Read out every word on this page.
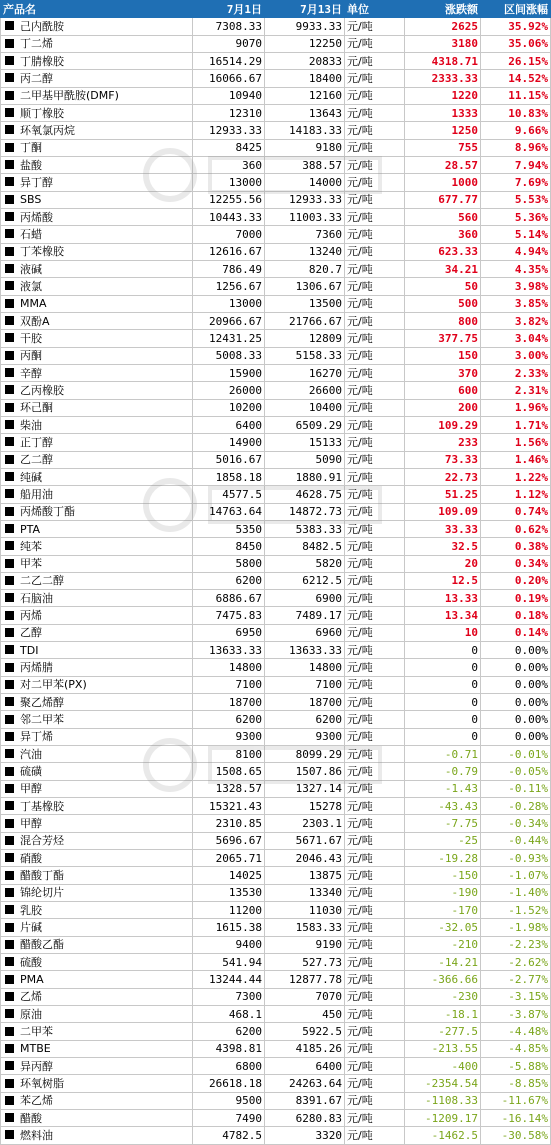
产品名	7月1日	7月13日	单位	涨跌额	区间涨幅
己内酰胺	7308.33	9933.33	元/吨	2625	35.92%
丁二烯	9070	12250	元/吨	3180	35.06%
丁腈橡胶	16514.29	20833	元/吨	4318.71	26.15%
丙二醇	16066.67	18400	元/吨	2333.33	14.52%
二甲基甲酰胺(DMF)	10940	12160	元/吨	1220	11.15%
顺丁橡胶	12310	13643	元/吨	1333	10.83%
环氧氯丙烷	12933.33	14183.33	元/吨	1250	9.66%
丁酮	8425	9180	元/吨	755	8.96%
盐酸	360	388.57	元/吨	28.57	7.94%
异丁醇	13000	14000	元/吨	1000	7.69%
SBS	12255.56	12933.33	元/吨	677.77	5.53%
丙烯酸	10443.33	11003.33	元/吨	560	5.36%
石蜡	7000	7360	元/吨	360	5.14%
丁苯橡胶	12616.67	13240	元/吨	623.33	4.94%
液碱	786.49	820.7	元/吨	34.21	4.35%
液氯	1256.67	1306.67	元/吨	50	3.98%
MMA	13000	13500	元/吨	500	3.85%
双酚A	20966.67	21766.67	元/吨	800	3.82%
干胶	12431.25	12809	元/吨	377.75	3.04%
丙酮	5008.33	5158.33	元/吨	150	3.00%
辛醇	15900	16270	元/吨	370	2.33%
乙丙橡胶	26000	26600	元/吨	600	2.31%
环己酮	10200	10400	元/吨	200	1.96%
柴油	6400	6509.29	元/吨	109.29	1.71%
正丁醇	14900	15133	元/吨	233	1.56%
乙二醇	5016.67	5090	元/吨	73.33	1.46%
纯碱	1858.18	1880.91	元/吨	22.73	1.22%
船用油	4577.5	4628.75	元/吨	51.25	1.12%
丙烯酸丁酯	14763.64	14872.73	元/吨	109.09	0.74%
PTA	5350	5383.33	元/吨	33.33	0.62%
纯苯	8450	8482.5	元/吨	32.5	0.38%
甲苯	5800	5820	元/吨	20	0.34%
二乙二醇	6200	6212.5	元/吨	12.5	0.20%
石脑油	6886.67	6900	元/吨	13.33	0.19%
丙烯	7475.83	7489.17	元/吨	13.34	0.18%
乙醇	6950	6960	元/吨	10	0.14%
TDI	13633.33	13633.33	元/吨	0	0.00%
丙烯腈	14800	14800	元/吨	0	0.00%
对二甲苯(PX)	7100	7100	元/吨	0	0.00%
聚乙烯醇	18700	18700	元/吨	0	0.00%
邻二甲苯	6200	6200	元/吨	0	0.00%
异丁烯	9300	9300	元/吨	0	0.00%
汽油	8100	8099.29	元/吨	-0.71	-0.01%
硫磺	1508.65	1507.86	元/吨	-0.79	-0.05%
甲醇	1328.57	1327.14	元/吨	-1.43	-0.11%
丁基橡胶	15321.43	15278	元/吨	-43.43	-0.28%
甲醇	2310.85	2303.1	元/吨	-7.75	-0.34%
混合芳烃	5696.67	5671.67	元/吨	-25	-0.44%
硝酸	2065.71	2046.43	元/吨	-19.28	-0.93%
醋酸丁酯	14025	13875	元/吨	-150	-1.07%
锦纶切片	13530	13340	元/吨	-190	-1.40%
乳胶	11200	11030	元/吨	-170	-1.52%
片碱	1615.38	1583.33	元/吨	-32.05	-1.98%
醋酸乙酯	9400	9190	元/吨	-210	-2.23%
硫酸	541.94	527.73	元/吨	-14.21	-2.62%
PMA	13244.44	12877.78	元/吨	-366.66	-2.77%
乙烯	7300	7070	元/吨	-230	-3.15%
原油	468.1	450	元/吨	-18.1	-3.87%
二甲苯	6200	5922.5	元/吨	-277.5	-4.48%
MTBE	4398.81	4185.26	元/吨	-213.55	-4.85%
异丙醇	6800	6400	元/吨	-400	-5.88%
环氧树脂	26618.18	24263.64	元/吨	-2354.54	-8.85%
苯乙烯	9500	8391.67	元/吨	-1108.33	-11.67%
醋酸	7490	6280.83	元/吨	-1209.17	-16.14%
燃料油	4782.5	3320	元/吨	-1462.5	-30.58%
